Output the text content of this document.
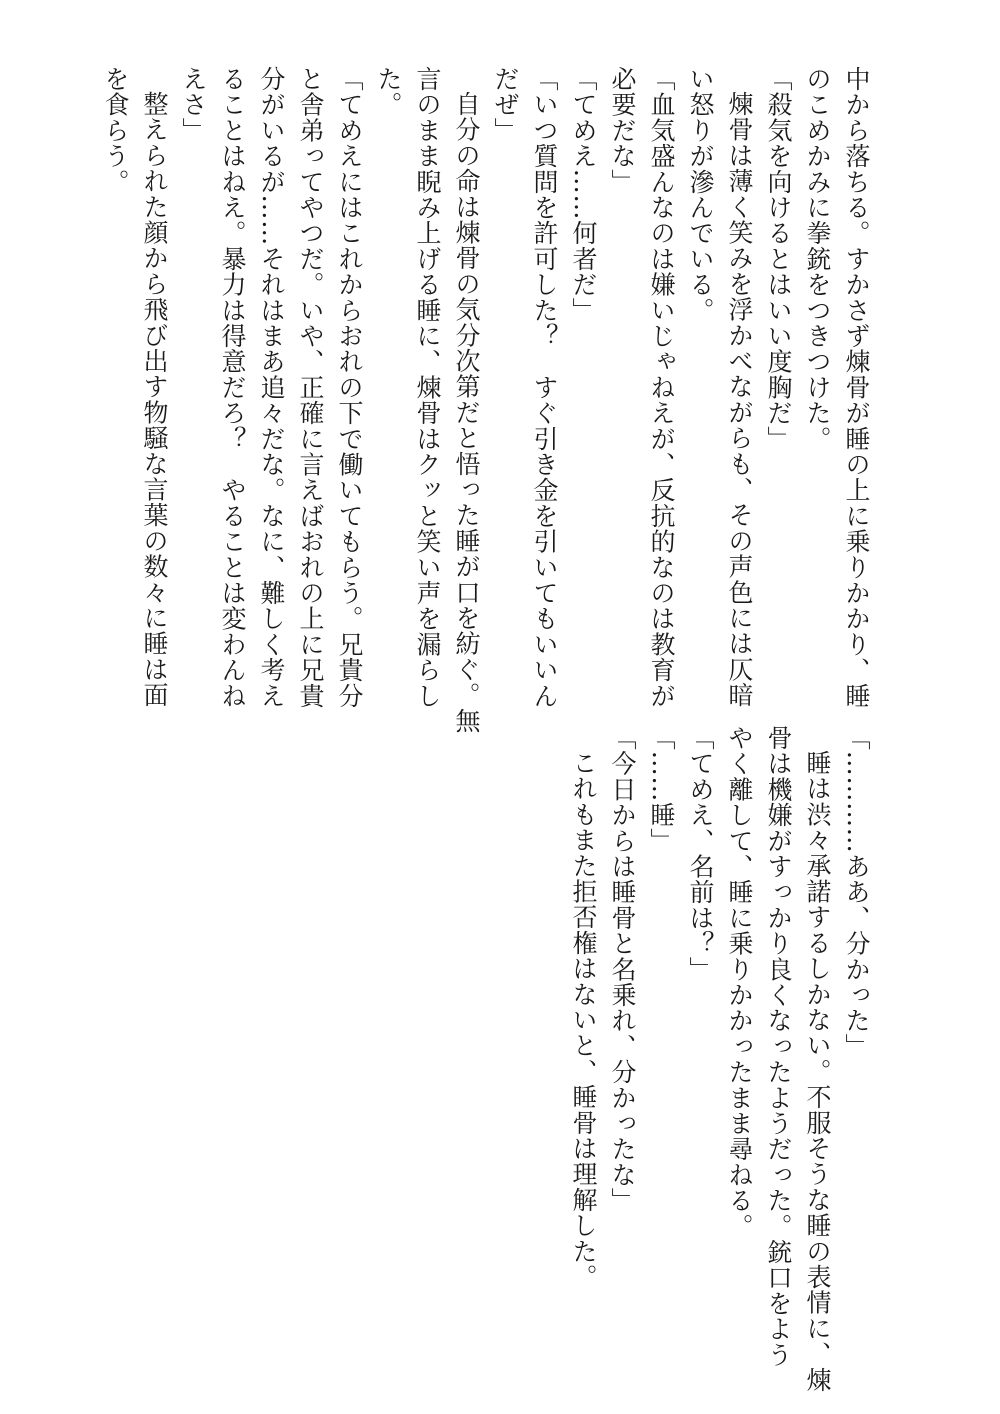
中から落ちる。すかさず煉骨が睡の上に乗りかかり、睡
のこめかみに拳銃をつきつけた。
「殺気を向けるとはいい度胸だ」
煉骨は薄く笑みを浮かべながらも、その声色には仄暗
い怒りが滲んでいる。
「血気盛んなのは嫌いじゃねえが、反抗的なのは教育が
必要だな」
「てめえ……何者だ」
「いつ質問を許可した？　すぐ引き金を引いてもいいん
だぜ」
自分の命は煉骨の気分次第だと悟った睡が口を紡ぐ。無
言のまま睨み上げる睡に、煉骨はクッと笑い声を漏らし
た。
「てめえにはこれからおれの下で働いてもらう。兄貴分
と舎弟ってやつだ。いや、正確に言えばおれの上に兄貴
分がいるが……それはまあ追々だな。なに、難しく考え
ることはねえ。暴力は得意だろ？　やることは変わんね
えさ」
整えられた顔から飛び出す物騒な言葉の数々に睡は面
を食らう。
「…………ああ、分かった」
睡は渋々承諾するしかない。不服そうな睡の表情に、煉
骨は機嫌がすっかり良くなったようだった。銃口をよう
やく離して、睡に乗りかかったまま尋ねる。
「てめえ、名前は？」
「……睡」
「今日からは睡骨と名乗れ、分かったな」
これもまた拒否権はないと、睡骨は理解した。
